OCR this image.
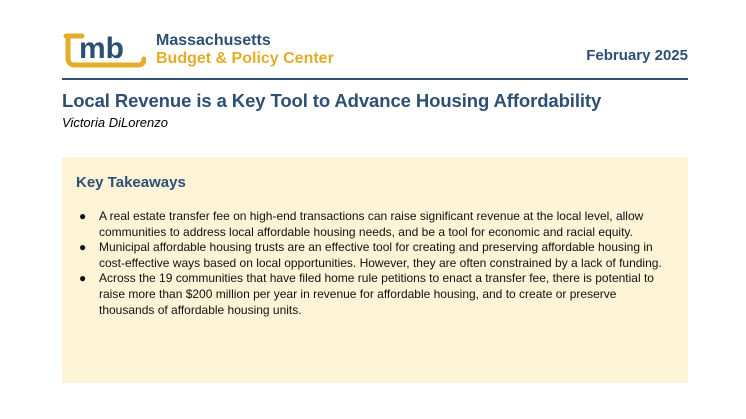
mb Massachusetts
Budget & Policy Center	February 2025
Local Revenue is a Key Tool to Advance Housing Affordability
Victoria DiLorenzo
Key Takeaways
● A real estate transfer fee on high-end transactions can raise significant revenue at the local level, allow communities to address local affordable housing needs, and be a tool for economic and racial equity.
● Municipal affordable housing trusts are an effective tool for creating and preserving affordable housing in cost-effective ways based on local opportunities. However, they are often constrained by a lack of funding.
● Across the 19 communities that have filed home rule petitions to enact a transfer fee, there is potential to raise more than $200 million per year in revenue for affordable housing, and to create or preserve thousands of affordable housing units.
